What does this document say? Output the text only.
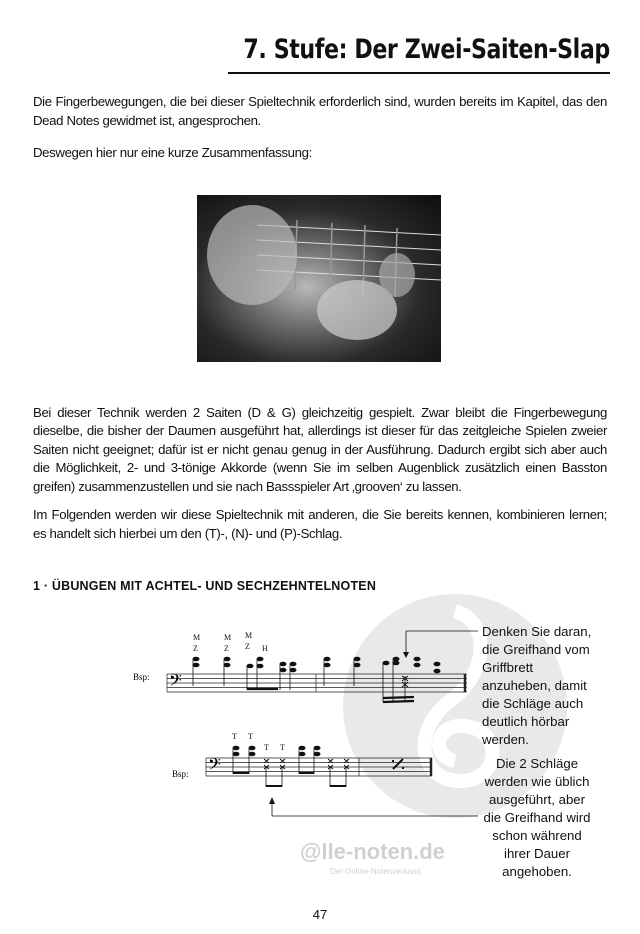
7. Stufe: Der Zwei-Saiten-Slap

Die Fingerbewegungen, die bei dieser Spieltechnik erforderlich sind, wurden bereits im Kapitel, das den Dead Notes gewidmet ist, angesprochen.

Deswegen hier nur eine kurze Zusammenfassung:

Bei dieser Technik werden 2 Saiten (D & G) gleichzeitig gespielt. Zwar bleibt die Fingerbewegung dieselbe, die bisher der Daumen ausgeführt hat, allerdings ist dieser für das zeitgleiche Spielen zweier Saiten nicht geeignet; dafür ist er nicht genau genug in der Ausführung. Dadurch ergibt sich aber auch die Möglichkeit, 2- und 3-tönige Akkorde (wenn Sie im selben Augenblick zusätzlich einen Basston greifen) zusammenzustellen und sie nach Bassspieler Art ‚grooven‘ zu lassen.

Im Folgenden werden wir diese Spieltechnik mit anderen, die Sie bereits kennen, kombinieren lernen; es handelt sich hierbei um den (T)-, (N)- und (P)-Schlag.

1 · ÜBUNGEN MIT ACHTEL- UND SECHZEHNTELNOTEN
@lle-noten.de
Der Online-Notenversand
Bsp: 𝄢
M
Z
M
Z
M
Z H
Bsp: 𝄢
T T
T T
Denken Sie daran,
die Greifhand vom
Griffbrett
anzuheben, damit
die Schläge auch
deutlich hörbar
werden.
Die 2 Schläge
werden wie üblich
ausgeführt, aber
die Greifhand wird
schon während
ihrer Dauer
angehoben.
47
